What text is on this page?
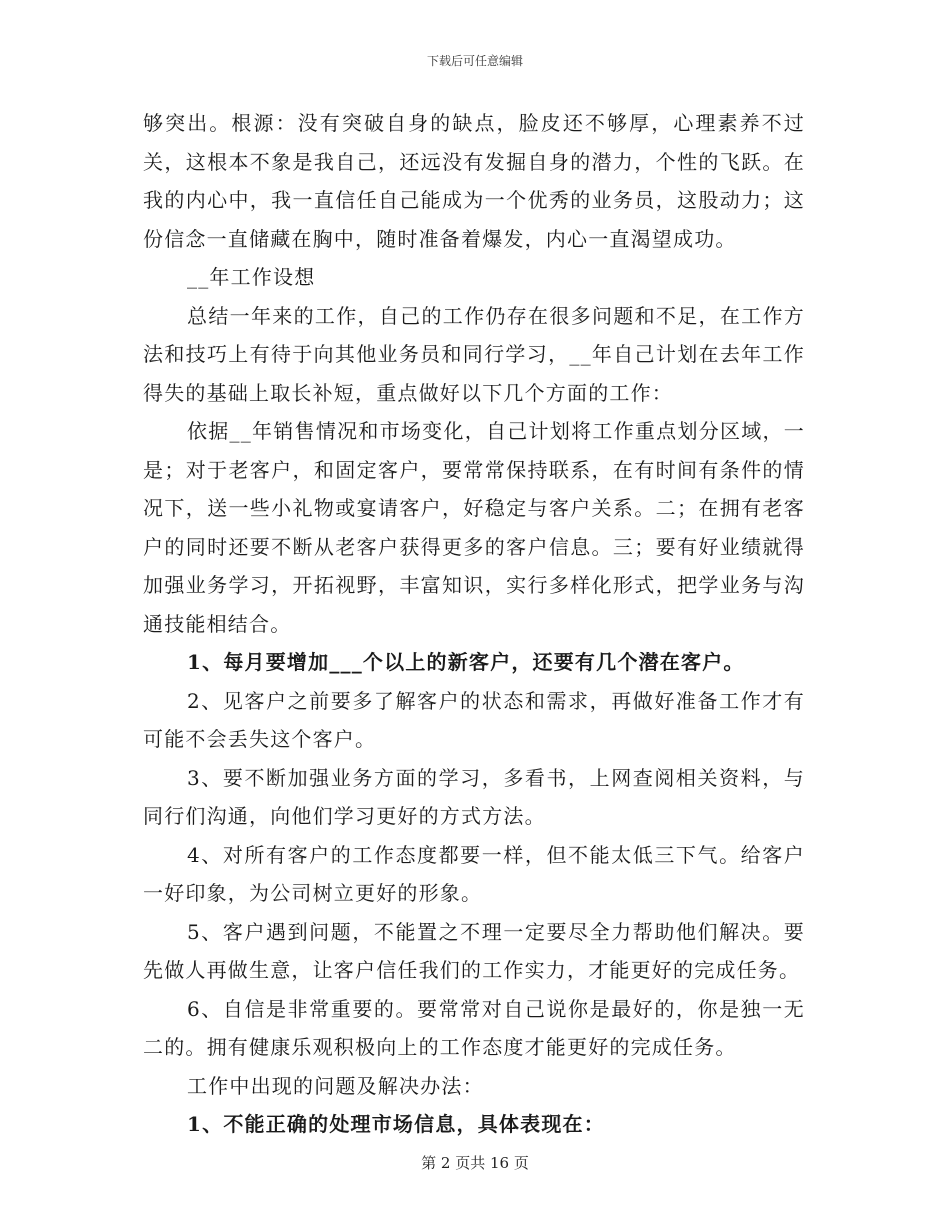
下载后可任意编辑

够突出。根源：没有突破自身的缺点，脸皮还不够厚，心理素养不过关，这根本不象是我自己，还远没有发掘自身的潜力，个性的飞跃。在我的内心中，我一直信任自己能成为一个优秀的业务员，这股动力；这份信念一直储藏在胸中，随时准备着爆发，内心一直渴望成功。

__年工作设想

总结一年来的工作，自己的工作仍存在很多问题和不足，在工作方法和技巧上有待于向其他业务员和同行学习，__年自己计划在去年工作得失的基础上取长补短，重点做好以下几个方面的工作：

依据__年销售情况和市场变化，自己计划将工作重点划分区域，一是；对于老客户，和固定客户，要常常保持联系，在有时间有条件的情况下，送一些小礼物或宴请客户，好稳定与客户关系。二；在拥有老客户的同时还要不断从老客户获得更多的客户信息。三；要有好业绩就得加强业务学习，开拓视野，丰富知识，实行多样化形式，把学业务与沟通技能相结合。

1、每月要增加___个以上的新客户，还要有几个潜在客户。

2、见客户之前要多了解客户的状态和需求，再做好准备工作才有可能不会丢失这个客户。

3、要不断加强业务方面的学习，多看书，上网查阅相关资料，与同行们沟通，向他们学习更好的方式方法。

4、对所有客户的工作态度都要一样，但不能太低三下气。给客户一好印象，为公司树立更好的形象。

5、客户遇到问题，不能置之不理一定要尽全力帮助他们解决。要先做人再做生意，让客户信任我们的工作实力，才能更好的完成任务。

6、自信是非常重要的。要常常对自己说你是最好的，你是独一无二的。拥有健康乐观积极向上的工作态度才能更好的完成任务。

工作中出现的问题及解决办法：

1、不能正确的处理市场信息，具体表现在：

第 2 页共 16 页
